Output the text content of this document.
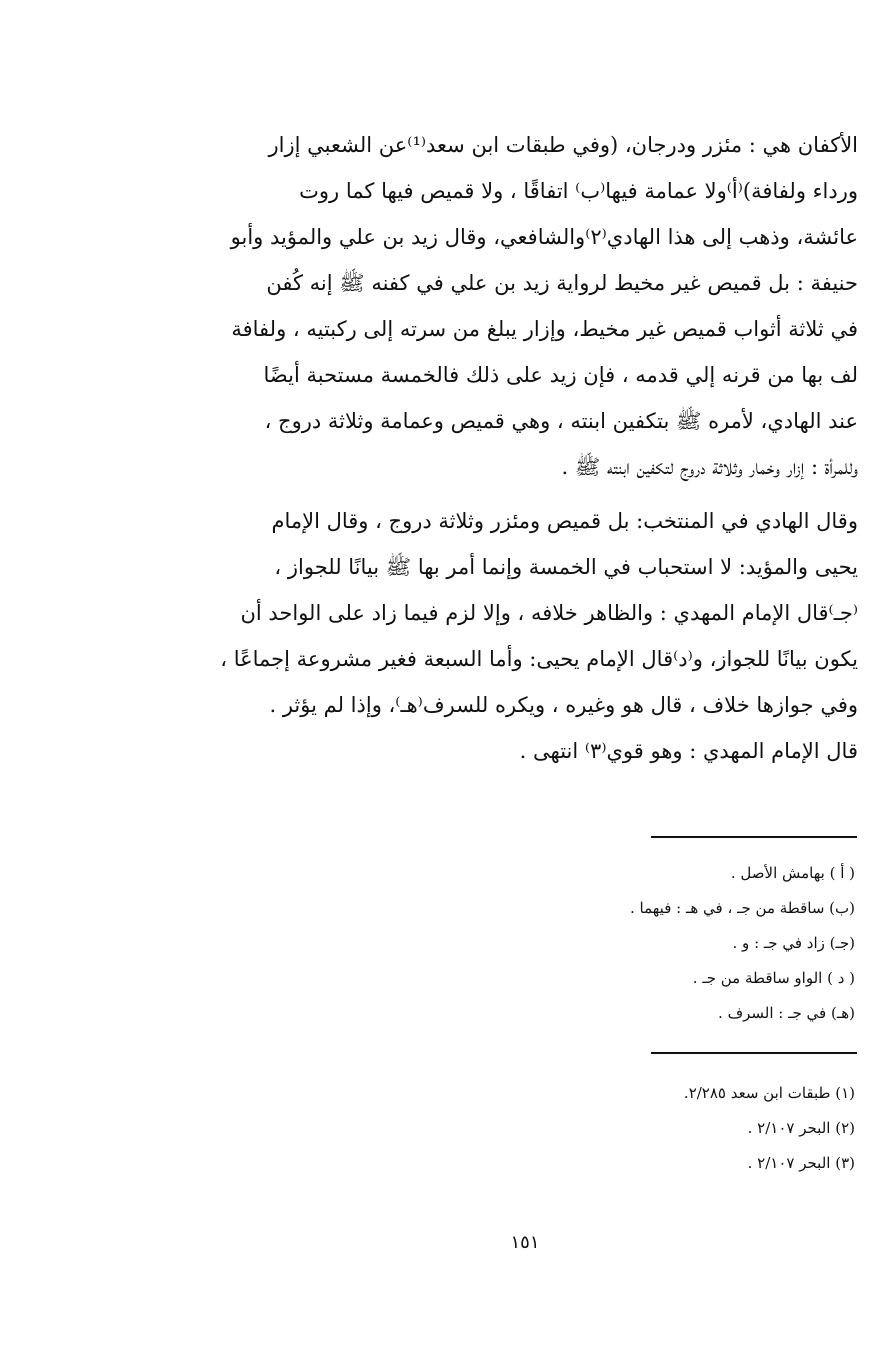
الأكفان هي : مئزر ودرجان، (وفي طبقات ابن سعد⁽¹⁾عن الشعبي إزار
ورداء ولفافة)⁽أ⁾ولا عمامة فيها⁽ب⁾ اتفاقًا ، ولا قميص فيها كما روت
عائشة، وذهب إلى هذا الهادي⁽٢⁾والشافعي، وقال زيد بن علي والمؤيد وأبو
حنيفة : بل قميص غير مخيط لرواية زيد بن علي في كفنه ﷺ إنه كُفن
في ثلاثة أثواب قميص غير مخيط، وإزار يبلغ من سرته إلى ركبتيه ، ولفافة
لف بها من قرنه إلي قدمه ، فإن زيد على ذلك فالخمسة مستحبة أيضًا
عند الهادي، لأمره ﷺ بتكفين ابنته ، وهي قميص وعمامة وثلاثة دروج ،
وللمرأة : إزار وخمار وثلاثة دروج لتكفين ابنته ﷺ .
وقال الهادي في المنتخب: بل قميص ومئزر وثلاثة دروج ، وقال الإمام
يحيى والمؤيد: لا استحباب في الخمسة وإنما أمر بها ﷺ بيانًا للجواز ،
⁽جـ⁾قال الإمام المهدي : والظاهر خلافه ، وإلا لزم فيما زاد على الواحد أن
يكون بيانًا للجواز، و⁽د⁾قال الإمام يحيى: وأما السبعة فغير مشروعة إجماعًا ،
وفي جوازها خلاف ، قال هو وغيره ، ويكره للسرف⁽هـ⁾، وإذا لم يؤثر .
قال الإمام المهدي : وهو قوي⁽٣⁾ انتهى .
( أ ) بهامش الأصل .
(ب) ساقطة من جـ ، في هـ : فيهما .
(جـ) زاد في جـ : و .
( د ) الواو ساقطة من جـ .
(هـ) في جـ : السرف .
(١) طبقات ابن سعد ٢/٢٨٥.
(٢) البحر ٢/١٠٧ .
(٣) البحر ٢/١٠٧ .
١٥١
